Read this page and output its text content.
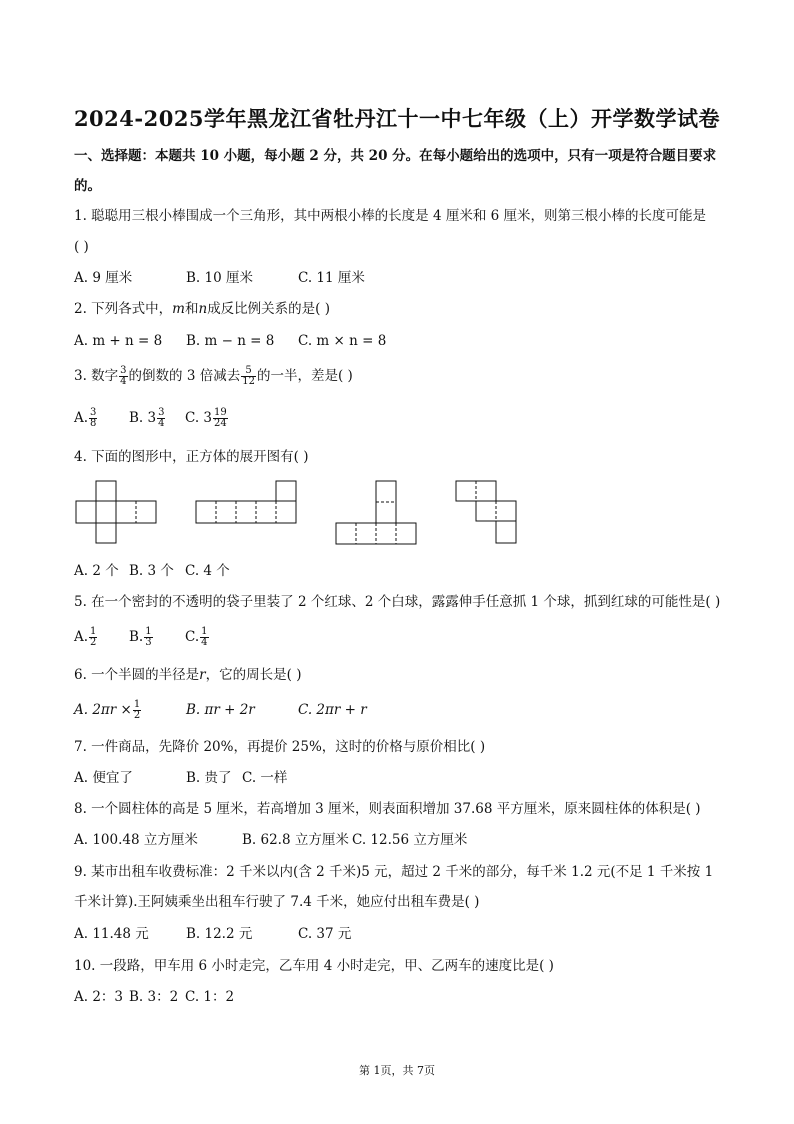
2024-2025学年黑龙江省牡丹江十一中七年级（上）开学数学试卷
一、选择题：本题共 10 小题，每小题 2 分，共 20 分。在每小题给出的选项中，只有一项是符合题目要求
的。
1. 聪聪用三根小棒围成一个三角形，其中两根小棒的长度是 4 厘米和 6 厘米，则第三根小棒的长度可能是
( )
A. 9 厘米	B. 10 厘米	C. 11 厘米
2. 下列各式中，m和n成反比例关系的是( )
A. m + n = 8 B. m − n = 8 C. m × n = 8
3. 数字 $\frac{3}{4}$ 的倒数的 3 倍减去 $\frac{5}{12}$ 的一半，差是( )
A. $\frac{3}{8} B$. $3 \frac{3}{4} C$. $3 \frac{19}{24}$
4. 下面的图形中，正方体的展开图有( )
A. 2 个 B. 3 个 C. 4 个
5. 在一个密封的不透明的袋子里装了 2 个红球、2 个白球，露露伸手任意抓 1 个球，抓到红球的可能性是( )
A. $\frac{1}{2} B$. $\frac{1}{3} C$. $\frac{1}{4}$
6. 一个半圆的半径是r，它的周长是( )
A. $2\pi r \times \frac{1}{2}$	B. πr + 2r	C. 2πr + r
7. 一件商品，先降价 20%，再提价 25%，这时的价格与原价相比( )
A. 便宜了	B. 贵了 C. 一样
8. 一个圆柱体的高是 5 厘米，若高增加 3 厘米，则表面积增加 37.68 平方厘米，原来圆柱体的体积是( )
A. 100.48 立方厘米	B. 62.8 立方厘米 C. 12.56 立方厘米
9. 某市出租车收费标准：2 千米以内(含 2 千米)5 元，超过 2 千米的部分，每千米 1.2 元(不足 1 千米按 1
千米计算).王阿姨乘坐出租车行驶了 7.4 千米，她应付出租车费是( )
A. 11.48 元	B. 12.2 元	C. 37 元
10. 一段路，甲车用 6 小时走完，乙车用 4 小时走完，甲、乙两车的速度比是( )
A. 2：3 B. 3：2 C. 1：2
第 1页，共 7页
